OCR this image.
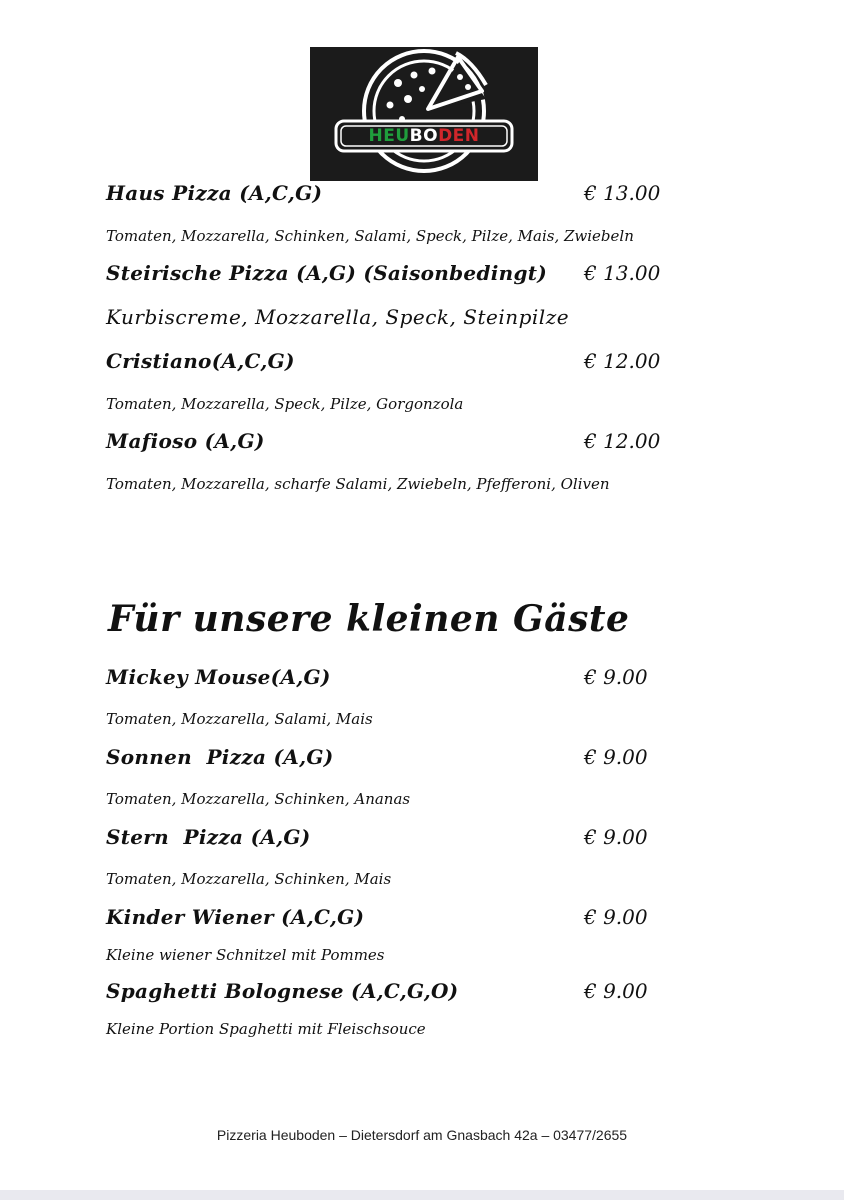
HEUBODEN
Haus Pizza (A,C,G)	€ 13.00
Tomaten, Mozzarella, Schinken, Salami, Speck, Pilze, Mais, Zwiebeln
Steirische Pizza (A,G) (Saisonbedingt) € 13.00
Kurbiscreme, Mozzarella, Speck, Steinpilze
Cristiano(A,C,G)	€ 12.00
Tomaten, Mozzarella, Speck, Pilze, Gorgonzola
Mafioso (A,G)	€ 12.00
Tomaten, Mozzarella, scharfe Salami, Zwiebeln, Pfefferoni, Oliven
Für unsere kleinen Gäste
Mickey Mouse(A,G)	€ 9.00
Tomaten, Mozzarella, Salami, Mais
Sonnen  Pizza (A,G)	€ 9.00
Tomaten, Mozzarella, Schinken, Ananas
Stern  Pizza (A,G)	€ 9.00
Tomaten, Mozzarella, Schinken, Mais
Kinder Wiener (A,C,G)	€ 9.00
Kleine wiener Schnitzel mit Pommes
Spaghetti Bolognese (A,C,G,O)	€ 9.00
Kleine Portion Spaghetti mit Fleischsouce
Pizzeria Heuboden – Dietersdorf am Gnasbach 42a – 03477/2655
